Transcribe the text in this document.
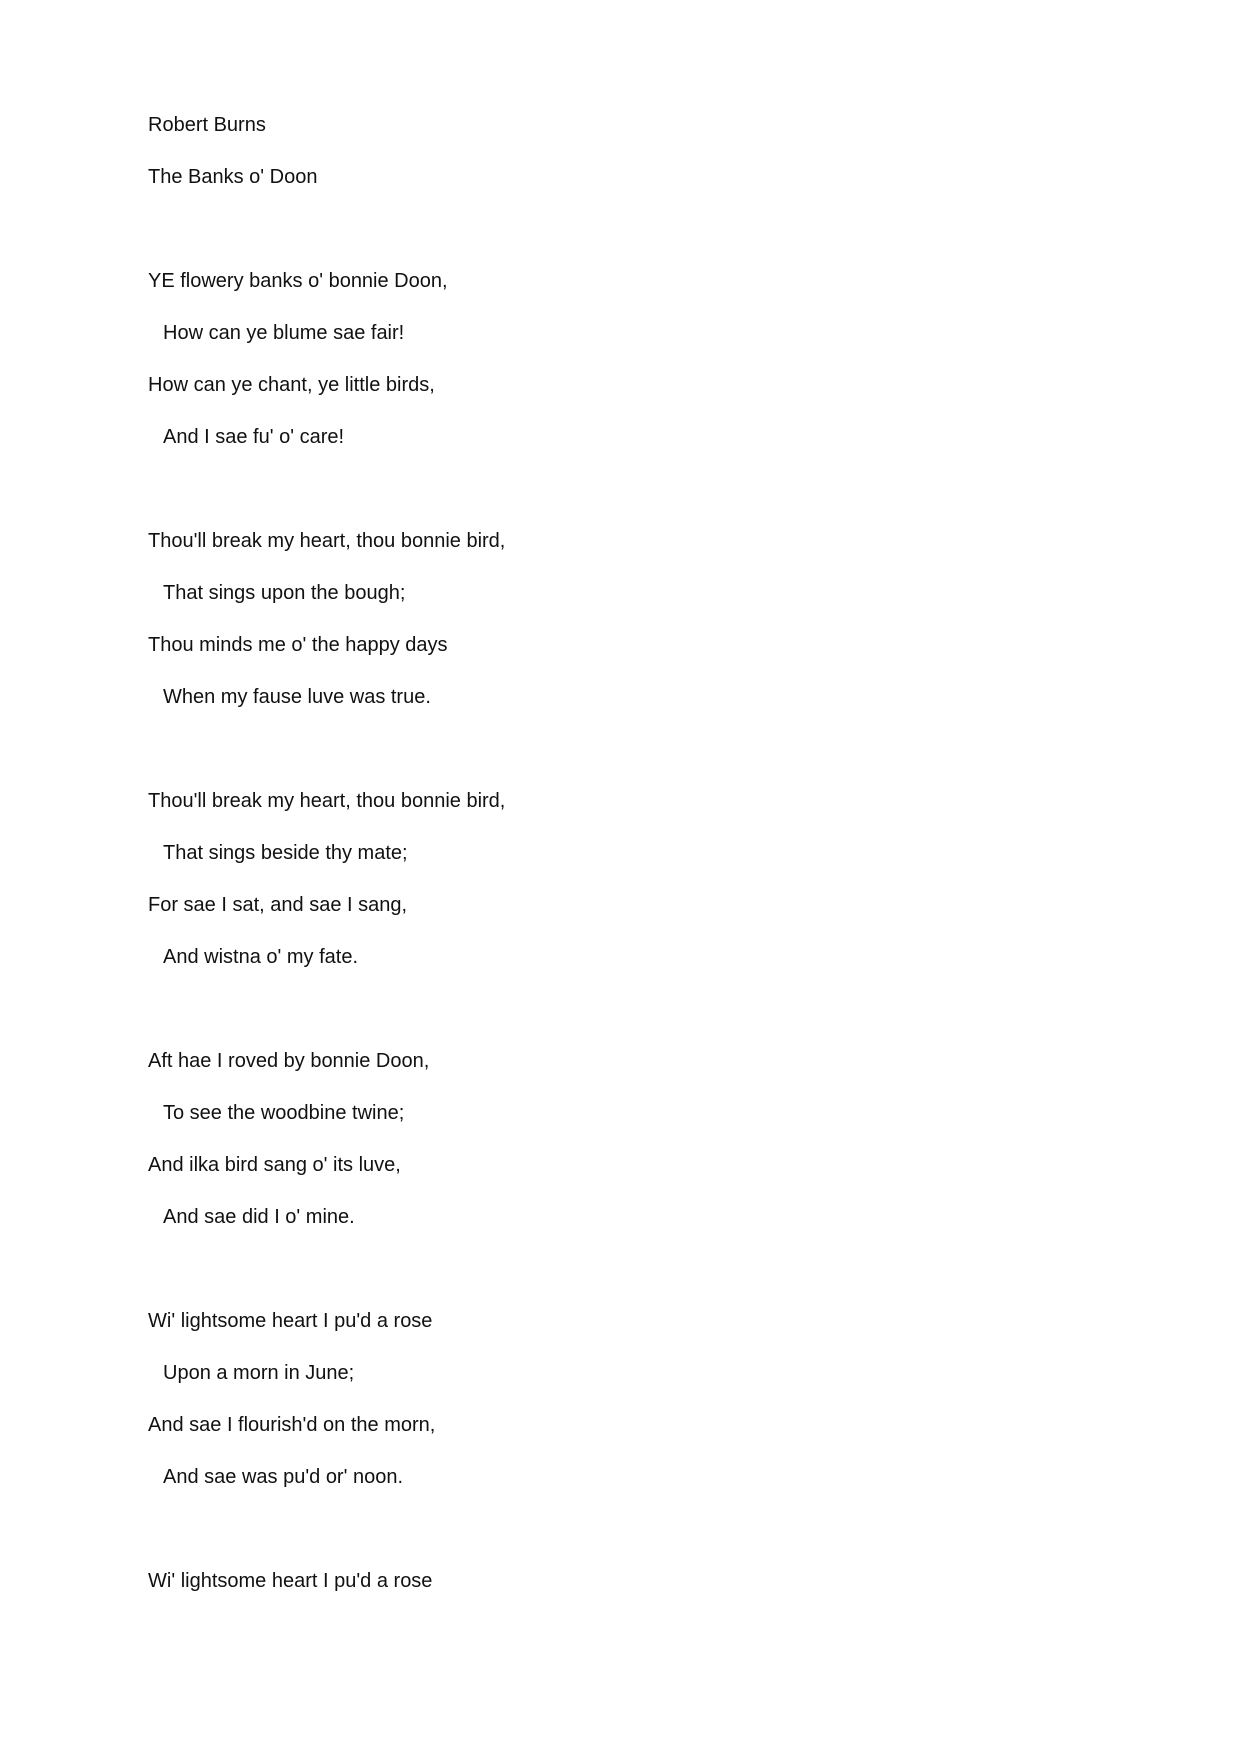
Robert Burns
The Banks o' Doon
YE flowery banks o' bonnie Doon,
How can ye blume sae fair!
How can ye chant, ye little birds,
And I sae fu' o' care!
Thou'll break my heart, thou bonnie bird,
That sings upon the bough;
Thou minds me o' the happy days
When my fause luve was true.
Thou'll break my heart, thou bonnie bird,
That sings beside thy mate;
For sae I sat, and sae I sang,
And wistna o' my fate.
Aft hae I roved by bonnie Doon,
To see the woodbine twine;
And ilka bird sang o' its luve,
And sae did I o' mine.
Wi' lightsome heart I pu'd a rose
Upon a morn in June;
And sae I flourish'd on the morn,
And sae was pu'd or' noon.
Wi' lightsome heart I pu'd a rose
